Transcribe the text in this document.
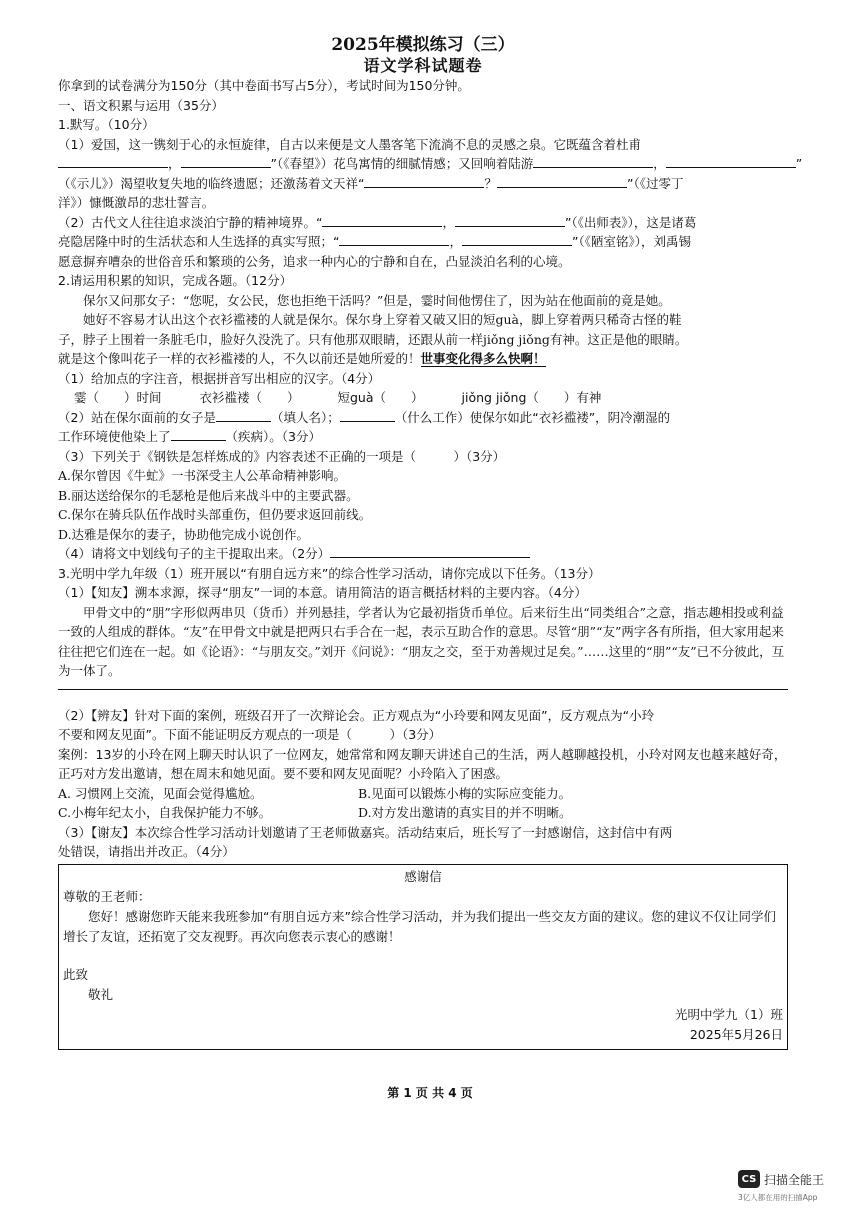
2025年模拟练习（三）
语文学科试题卷
你拿到的试卷满分为150分（其中卷面书写占5分），考试时间为150分钟。
一、语文积累与运用（35分）
1.默写。（10分）
（1）爱国，这一镌刻于心的永恒旋律，自古以来便是文人墨客笔下流淌不息的灵感之泉。它既蕴含着杜甫
，	”（《春望》）花鸟寓情的细腻情感；又回响着陆游	，	”
（《示儿》）渴望收复失地的临终遗愿；还激荡着文天祥“	？	”（《过零丁
洋》）慷慨激昂的悲壮誓言。
（2）古代文人往往追求淡泊宁静的精神境界。“	，	”（《出师表》），这是诸葛
亮隐居隆中时的生活状态和人生选择的真实写照；“	，	”（《陋室铭》），刘禹锡
愿意摒弃嘈杂的世俗音乐和繁琐的公务，追求一种内心的宁静和自在，凸显淡泊名利的心境。
2.请运用积累的知识，完成各题。（12分）
保尔又问那女子：“您呢，女公民，您也拒绝干活吗？”但是，霎时间他愣住了，因为站在他面前的竟是她。
她好不容易才认出这个衣衫褴褛的人就是保尔。保尔身上穿着又破又旧的短guà，脚上穿着两只稀奇古怪的鞋
子，脖子上围着一条脏毛巾，脸好久没洗了。只有他那双眼睛，还跟从前一样jiǒng jiǒng有神。这正是他的眼睛。
就是这个像叫花子一样的衣衫褴褛的人，不久以前还是她所爱的！世事变化得多么快啊！
（1）给加点的字注音，根据拼音写出相应的汉字。（4分）
霎（　　）时间	衣衫褴褛（　　）	短guà（　　）	jiǒng jiǒng（　　）有神
（2）站在保尔面前的女子是	（填人名）；	（什么工作）使保尔如此“衣衫褴褛”，阴冷潮湿的
工作环境使他染上了	（疾病）。（3分）
（3）下列关于《钢铁是怎样炼成的》内容表述不正确的一项是（　　　）（3分）
A.保尔曾因《牛虻》一书深受主人公革命精神影响。
B.丽达送给保尔的毛瑟枪是他后来战斗中的主要武器。
C.保尔在骑兵队伍作战时头部重伤，但仍要求返回前线。
D.达雅是保尔的妻子，协助他完成小说创作。
（4）请将文中划线句子的主干提取出来。（2分）
3.光明中学九年级（1）班开展以“有朋自远方来”的综合性学习活动，请你完成以下任务。（13分）
（1）【知友】溯本求源，探寻“朋友”一词的本意。请用简洁的语言概括材料的主要内容。（4分）
甲骨文中的“朋”字形似两串贝（货币）并列悬挂，学者认为它最初指货币单位。后来衍生出“同类组合”之意，指志趣相投或利益一致的人组成的群体。“友”在甲骨文中就是把两只右手合在一起，表示互助合作的意思。尽管“朋”“友”两字各有所指，但大家用起来往往把它们连在一起。如《论语》：“与朋友交。”刘开《问说》：“朋友之交，至于劝善规过足矣。”……这里的“朋”“友”已不分彼此，互为一体了。
（2）【辨友】针对下面的案例，班级召开了一次辩论会。正方观点为“小玲要和网友见面”，反方观点为“小玲
不要和网友见面”。下面不能证明反方观点的一项是（　　　）（3分）
案例：13岁的小玲在网上聊天时认识了一位网友，她常常和网友聊天讲述自己的生活，两人越聊越投机，小玲对网友也越来越好奇，正巧对方发出邀请，想在周末和她见面。要不要和网友见面呢？小玲陷入了困惑。
A. 习惯网上交流，见面会觉得尴尬。	B.见面可以锻炼小梅的实际应变能力。
C.小梅年纪太小，自我保护能力不够。	D.对方发出邀请的真实目的并不明晰。
（3）【谢友】本次综合性学习活动计划邀请了王老师做嘉宾。活动结束后，班长写了一封感谢信，这封信中有两
处错误，请指出并改正。（4分）
感谢信
尊敬的王老师：
您好！感谢您昨天能来我班参加“有朋自远方来”综合性学习活动，并为我们提出一些交友方面的建议。您的建议不仅让同学们增长了友谊，还拓宽了交友视野。再次向您表示衷心的感谢！
此致
敬礼
光明中学九（1）班
2025年5月26日
第 1 页 共 4 页
CS 扫描全能王
3亿人都在用的扫描App
